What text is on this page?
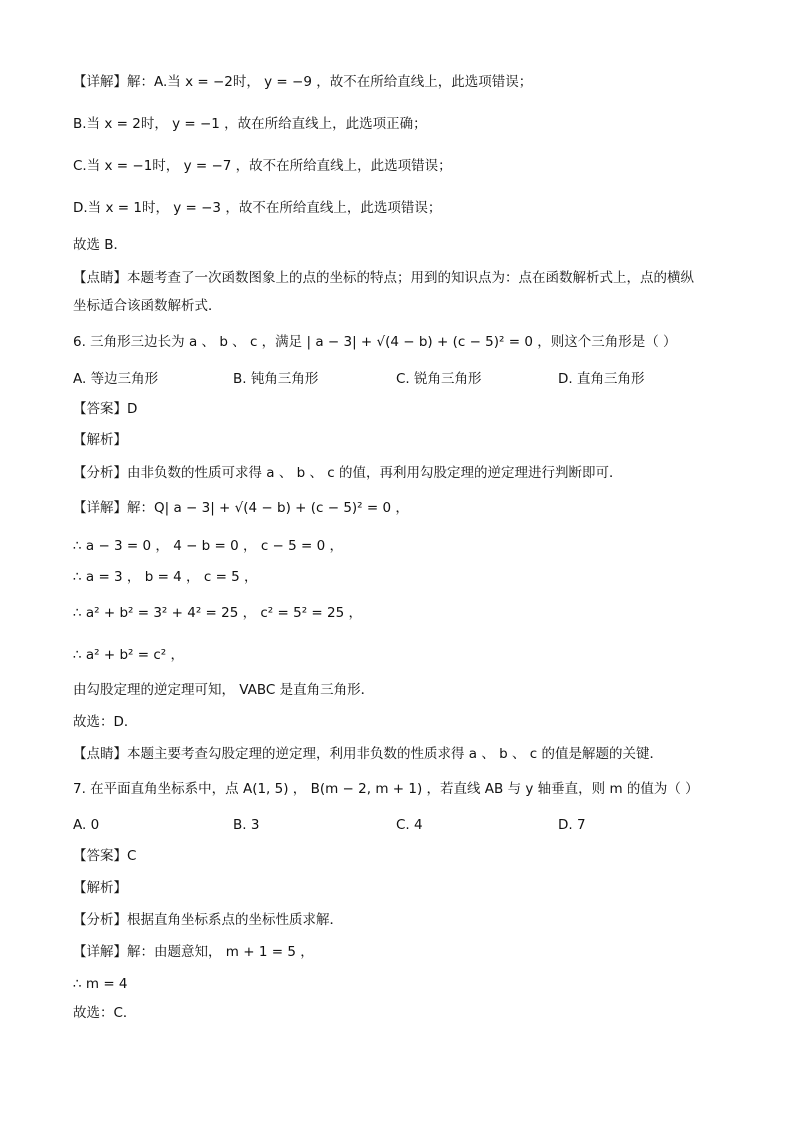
【详解】解：A.当 x = −2时， y = −9 ，故不在所给直线上，此选项错误；
B.当 x = 2时， y = −1 ，故在所给直线上，此选项正确；
C.当 x = −1时， y = −7 ，故不在所给直线上，此选项错误；
D.当 x = 1时， y = −3 ，故不在所给直线上，此选项错误；
故选 B．
【点睛】本题考查了一次函数图象上的点的坐标的特点；用到的知识点为：点在函数解析式上，点的横纵
坐标适合该函数解析式．
6. 三角形三边长为 a 、 b 、 c ，满足 | a − 3| + √(4 − b) + (c − 5)² = 0 ，则这个三角形是（ ）
A. 等边三角形	B. 钝角三角形	C. 锐角三角形	D. 直角三角形
【答案】D
【解析】
【分析】由非负数的性质可求得 a 、 b 、 c 的值，再利用勾股定理的逆定理进行判断即可．
【详解】解：Q| a − 3| + √(4 − b) + (c − 5)² = 0 ，
∴ a − 3 = 0 ， 4 − b = 0 ， c − 5 = 0 ，
∴ a = 3 ， b = 4 ， c = 5 ，
∴ a² + b² = 3² + 4² = 25 ， c² = 5² = 25 ，
∴ a² + b² = c² ，
由勾股定理的逆定理可知， VABC 是直角三角形．
故选：D．
【点睛】本题主要考查勾股定理的逆定理，利用非负数的性质求得 a 、 b 、 c 的值是解题的关键．
7. 在平面直角坐标系中，点 A(1, 5) ， B(m − 2, m + 1) ，若直线 AB 与 y 轴垂直，则 m 的值为（ ）
A. 0	B. 3	C. 4	D. 7
【答案】C
【解析】
【分析】根据直角坐标系点的坐标性质求解．
【详解】解：由题意知， m + 1 = 5 ，
∴ m = 4
故选：C．
